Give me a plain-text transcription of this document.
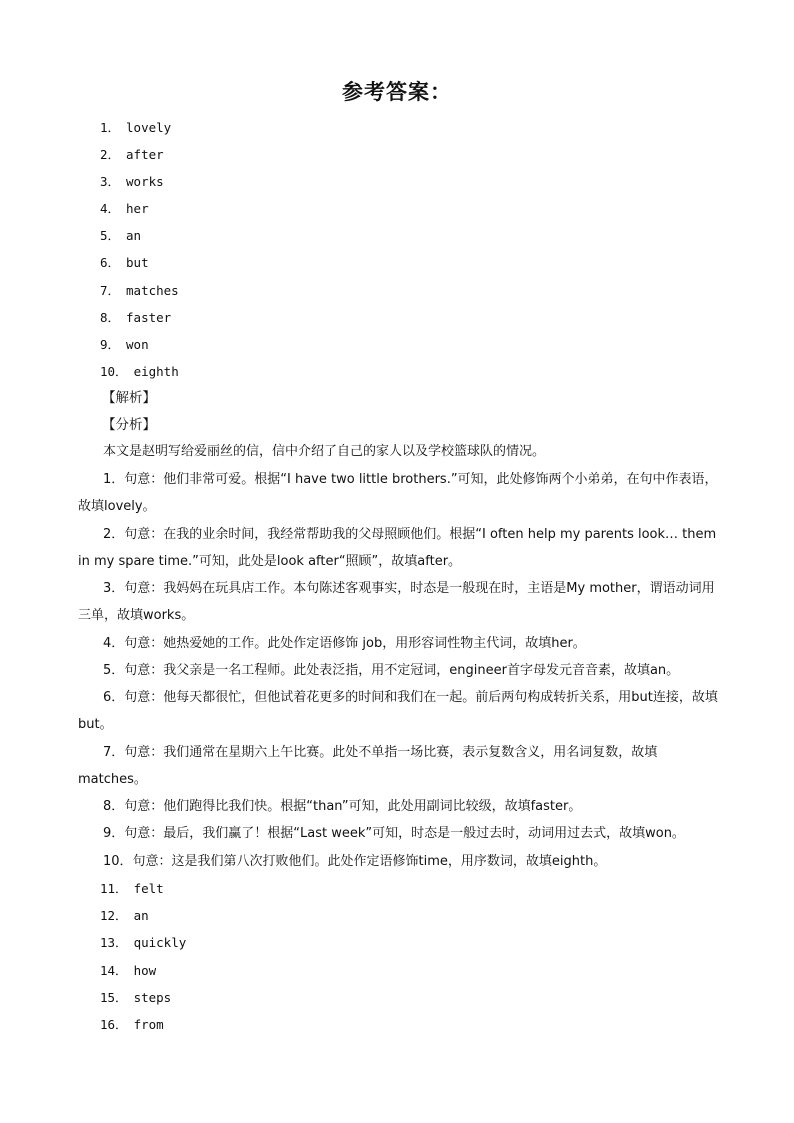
参考答案：
1． lovely
2． after
3． works
4． her
5． an
6． but
7． matches
8． faster
9． won
10． eighth
【解析】
【分析】

本文是赵明写给爱丽丝的信，信中介绍了自己的家人以及学校篮球队的情况。

1．句意：他们非常可爱。根据“I have two little brothers.”可知，此处修饰两个小弟弟，在句中作表语，故填lovely。

2．句意：在我的业余时间，我经常帮助我的父母照顾他们。根据“I often help my parents look… them in my spare time.”可知，此处是look after“照顾”，故填after。

3．句意：我妈妈在玩具店工作。本句陈述客观事实，时态是一般现在时，主语是My mother，谓语动词用三单，故填works。

4．句意：她热爱她的工作。此处作定语修饰 job，用形容词性物主代词，故填her。

5．句意：我父亲是一名工程师。此处表泛指，用不定冠词，engineer首字母发元音音素，故填an。

6．句意：他每天都很忙，但他试着花更多的时间和我们在一起。前后两句构成转折关系，用but连接，故填but。

7．句意：我们通常在星期六上午比赛。此处不单指一场比赛，表示复数含义，用名词复数，故填matches。

8．句意：他们跑得比我们快。根据“than”可知，此处用副词比较级，故填faster。

9．句意：最后，我们赢了！根据“Last week”可知，时态是一般过去时，动词用过去式，故填won。

10．句意：这是我们第八次打败他们。此处作定语修饰time，用序数词，故填eighth。

11． felt
12． an
13． quickly
14． how
15． steps
16． from
